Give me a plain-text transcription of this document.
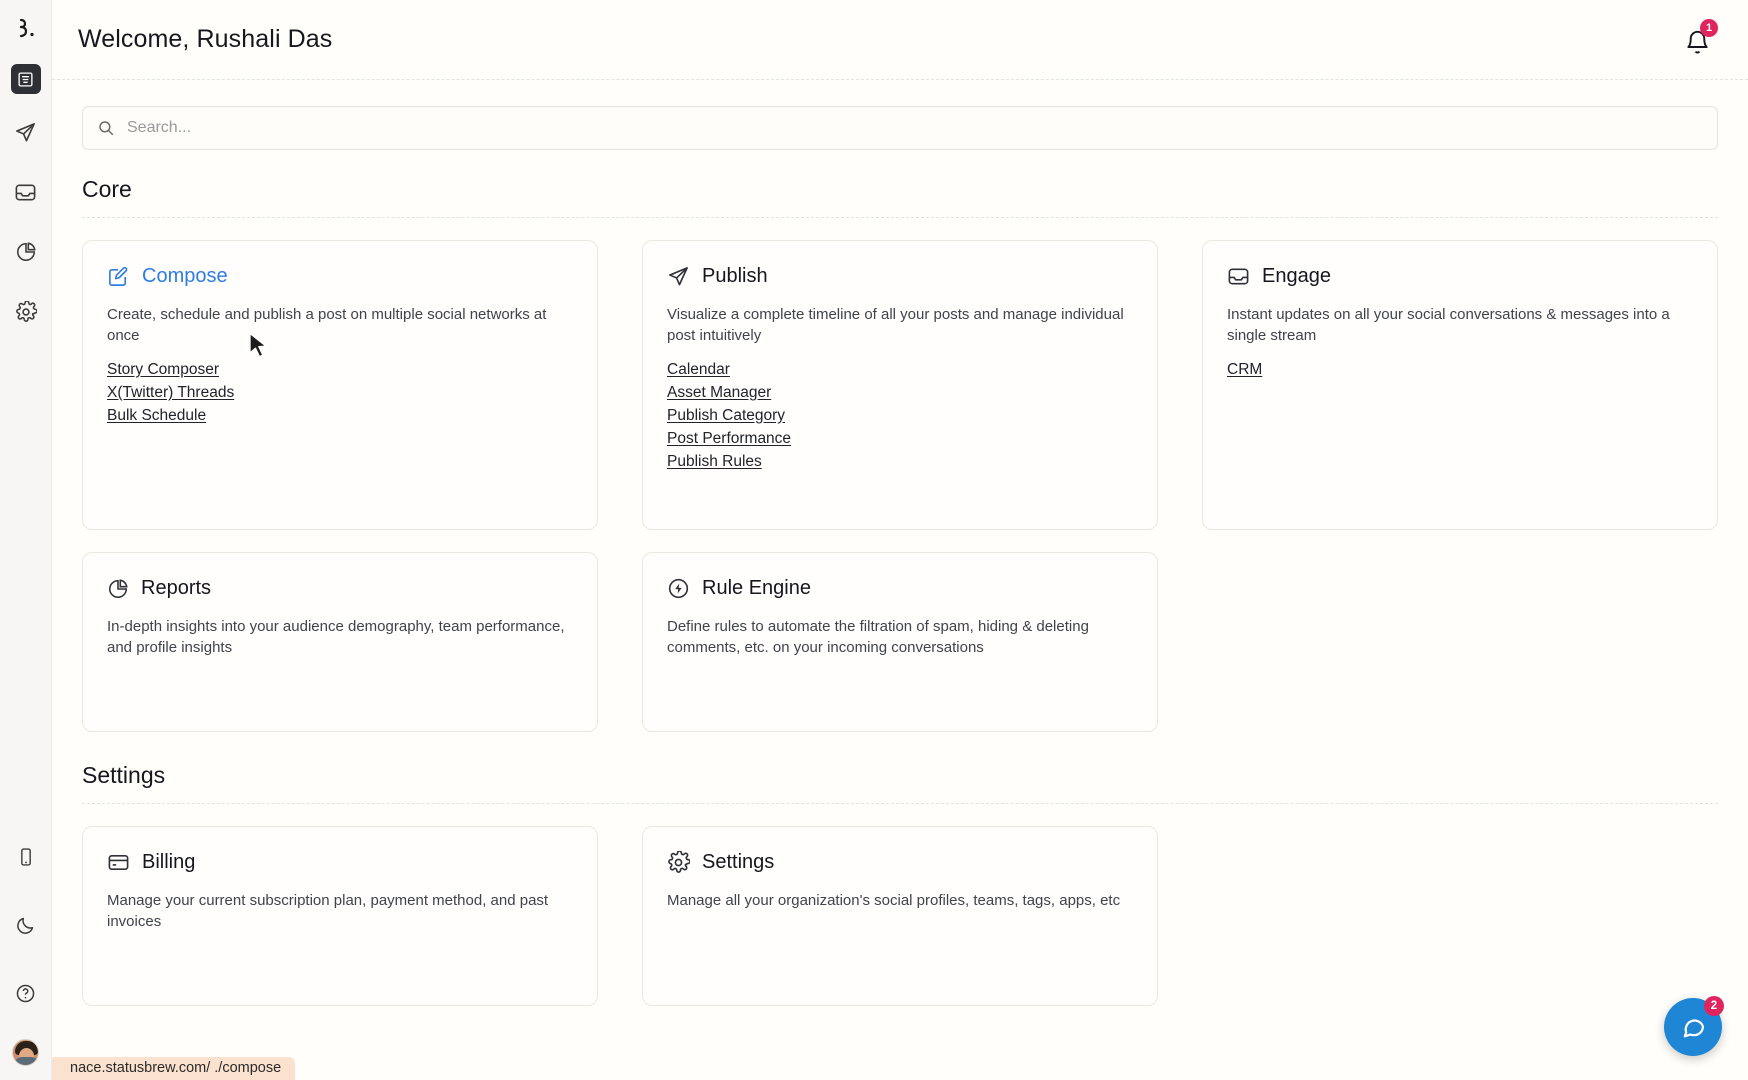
Welcome, Rushali Das	1
Search...
Core
Compose
Create, schedule and publish a post on multiple social networks at once
Story Composer
X(Twitter) Threads
Bulk Schedule
Publish
Visualize a complete timeline of all your posts and manage individual post intuitively
Calendar
Asset Manager
Publish Category
Post Performance
Publish Rules
Engage
Instant updates on all your social conversations & messages into a single stream
CRM
Reports
In-depth insights into your audience demography, team performance, and profile insights
Rule Engine
Define rules to automate the filtration of spam, hiding & deleting comments, etc. on your incoming conversations
Settings
Billing
Manage your current subscription plan, payment method, and past invoices
Settings
Manage all your organization's social profiles, teams, tags, apps, etc
nace.statusbrew.com/ ./compose
2
